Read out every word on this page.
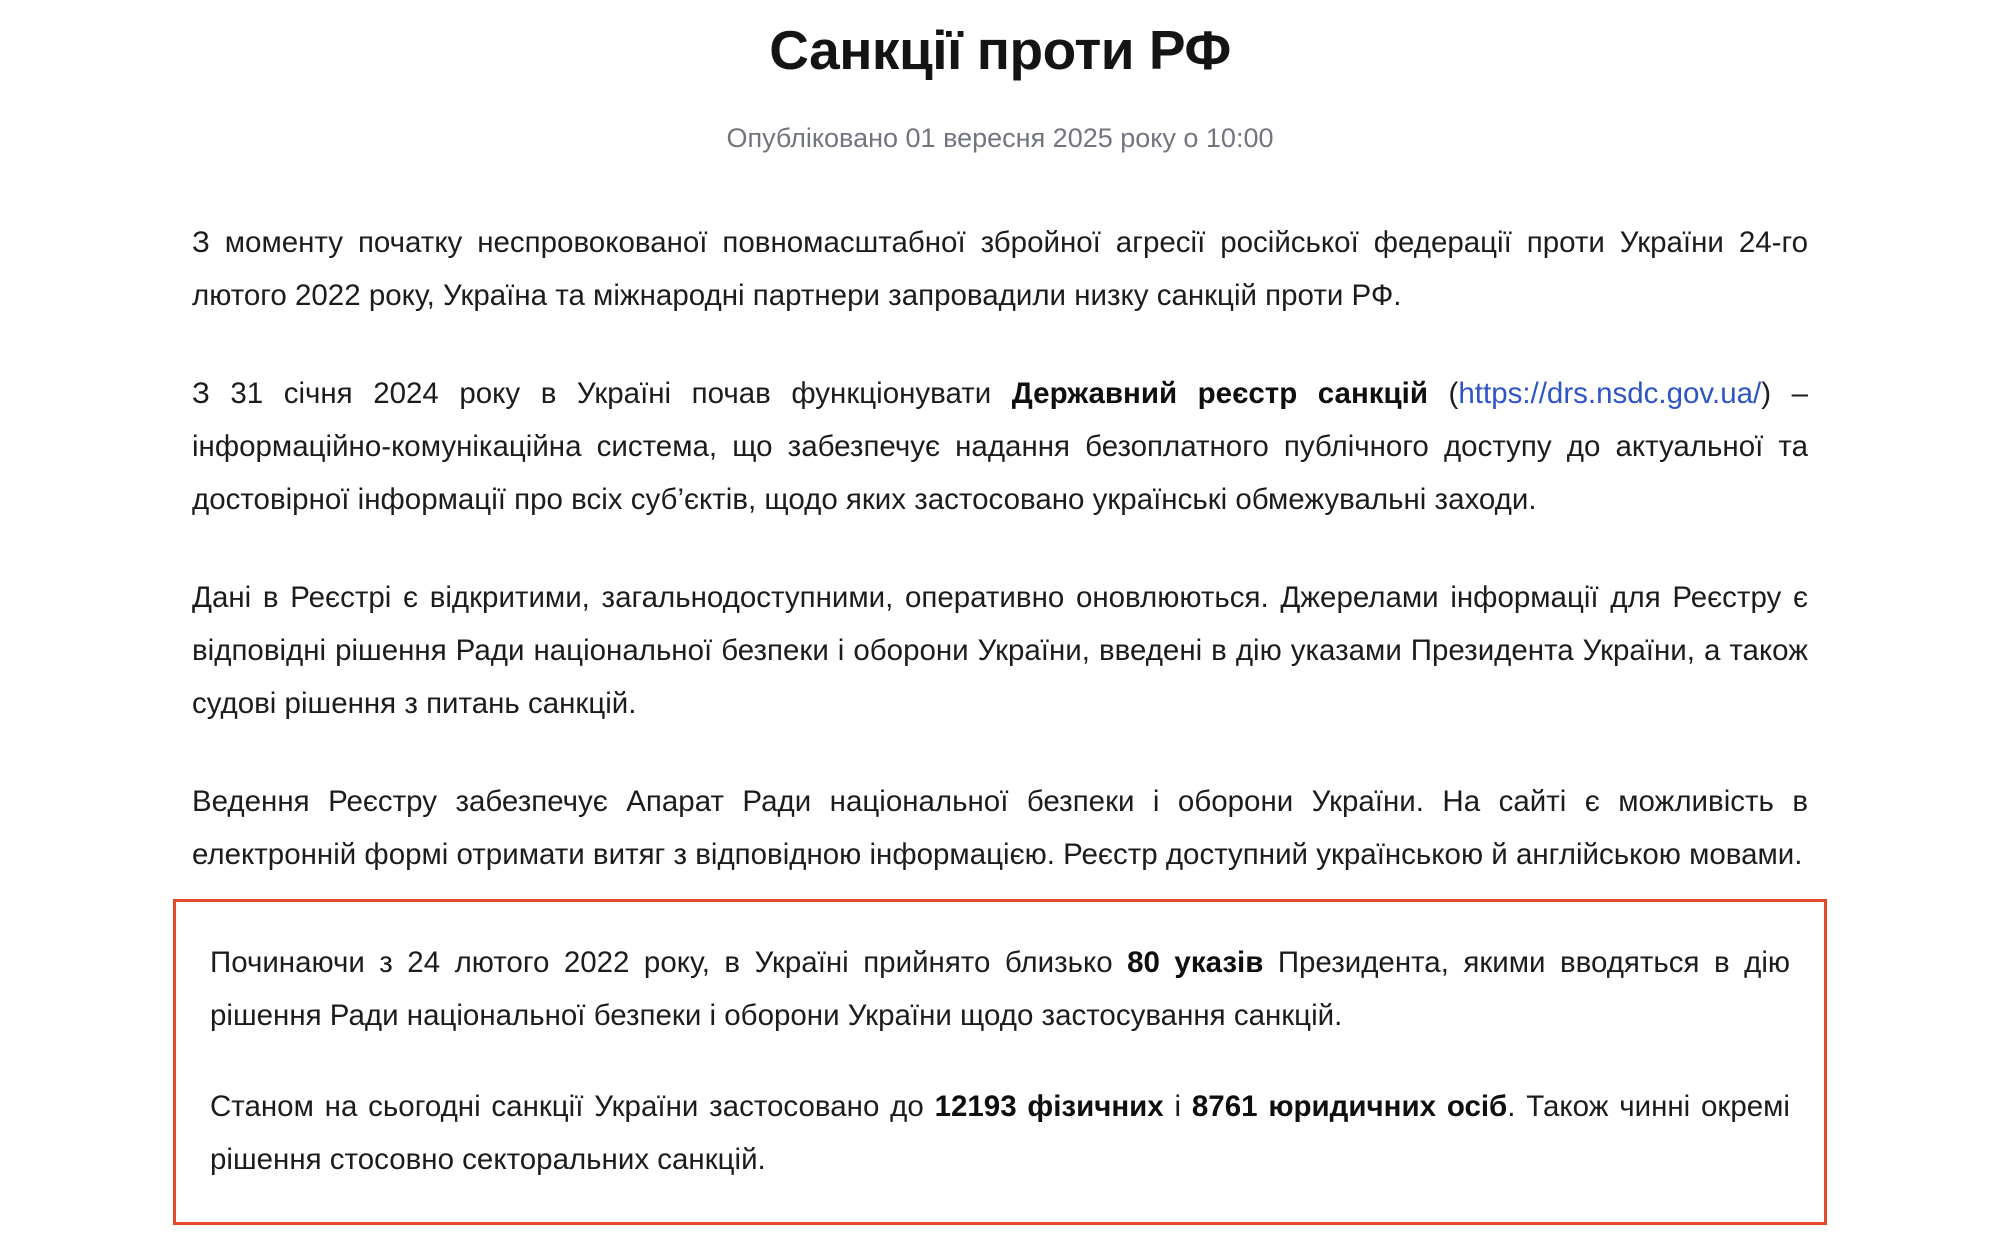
Санкції проти РФ
Опубліковано 01 вересня 2025 року о 10:00

З моменту початку неспровокованої повномасштабної збройної агресії російської федерації проти України 24-го лютого 2022 року, Україна та міжнародні партнери запровадили низку санкцій проти РФ.

З 31 січня 2024 року в Україні почав функціонувати Державний реєстр санкцій (https://drs.nsdc.gov.ua/) – інформаційно-комунікаційна система, що забезпечує надання безоплатного публічного доступу до актуальної та достовірної інформації про всіх суб’єктів, щодо яких застосовано українські обмежувальні заходи.

Дані в Реєстрі є відкритими, загальнодоступними, оперативно оновлюються. Джерелами інформації для Реєстру є відповідні рішення Ради національної безпеки і оборони України, введені в дію указами Президента України, а також судові рішення з питань санкцій.

Ведення Реєстру забезпечує Апарат Ради національної безпеки і оборони України. На сайті є можливість в електронній формі отримати витяг з відповідною інформацією. Реєстр доступний українською й англійською мовами.

Починаючи з 24 лютого 2022 року, в Україні прийнято близько 80 указів Президента, якими вводяться в дію рішення Ради національної безпеки і оборони України щодо застосування санкцій.

Станом на сьогодні санкції України застосовано до 12193 фізичних і 8761 юридичних осіб. Також чинні окремі рішення стосовно секторальних санкцій.
